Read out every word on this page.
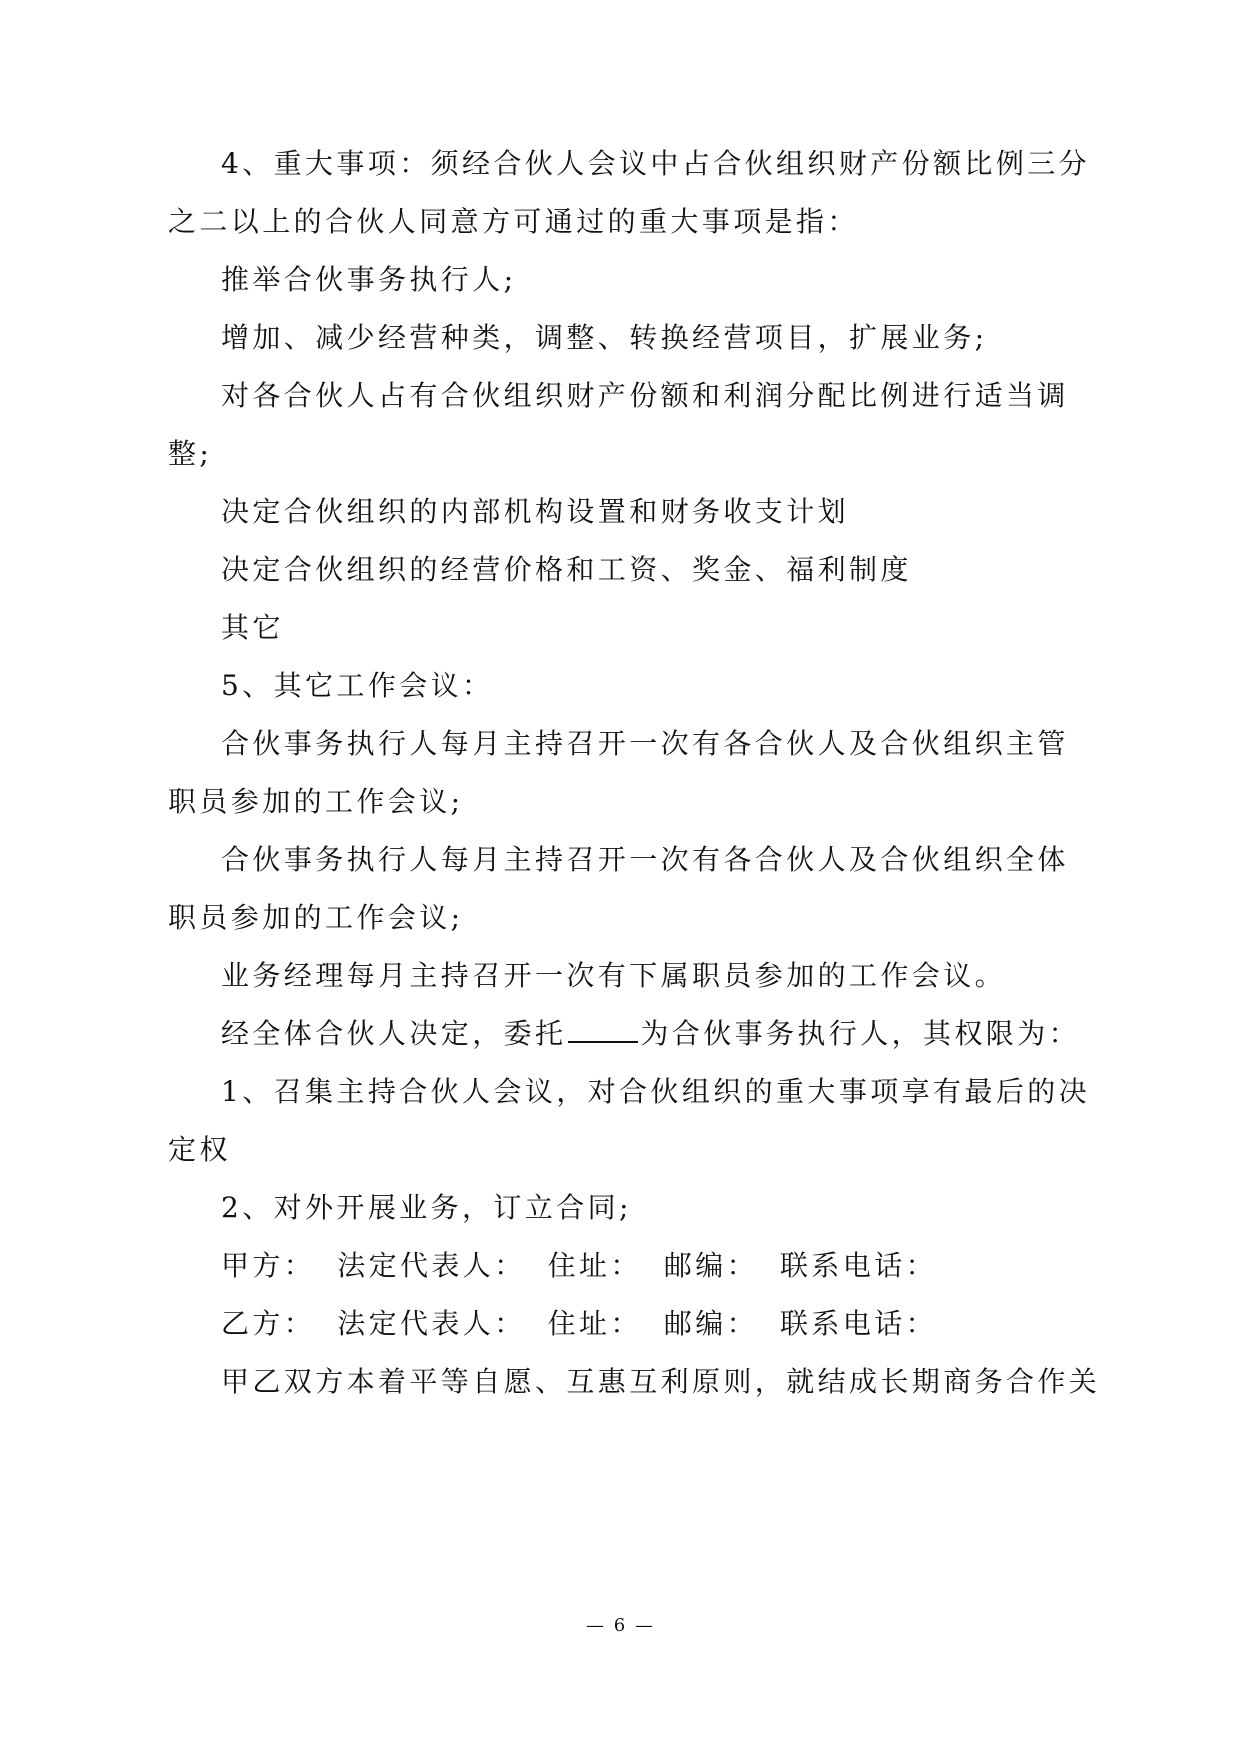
4、重大事项：须经合伙人会议中占合伙组织财产份额比例三分
之二以上的合伙人同意方可通过的重大事项是指：
推举合伙事务执行人;
增加、减少经营种类，调整、转换经营项目，扩展业务;
对各合伙人占有合伙组织财产份额和利润分配比例进行适当调
整;
决定合伙组织的内部机构设置和财务收支计划
决定合伙组织的经营价格和工资、奖金、福利制度
其它
5、其它工作会议：
合伙事务执行人每月主持召开一次有各合伙人及合伙组织主管
职员参加的工作会议;
合伙事务执行人每月主持召开一次有各合伙人及合伙组织全体
职员参加的工作会议;
业务经理每月主持召开一次有下属职员参加的工作会议。
经全体合伙人决定，委托	为合伙事务执行人，其权限为：
1、召集主持合伙人会议，对合伙组织的重大事项享有最后的决
定权
2、对外开展业务，订立合同;
甲方： 法定代表人： 住址： 邮编： 联系电话：
乙方： 法定代表人： 住址： 邮编： 联系电话：
甲乙双方本着平等自愿、互惠互利原则，就结成长期商务合作关
— 6 —
